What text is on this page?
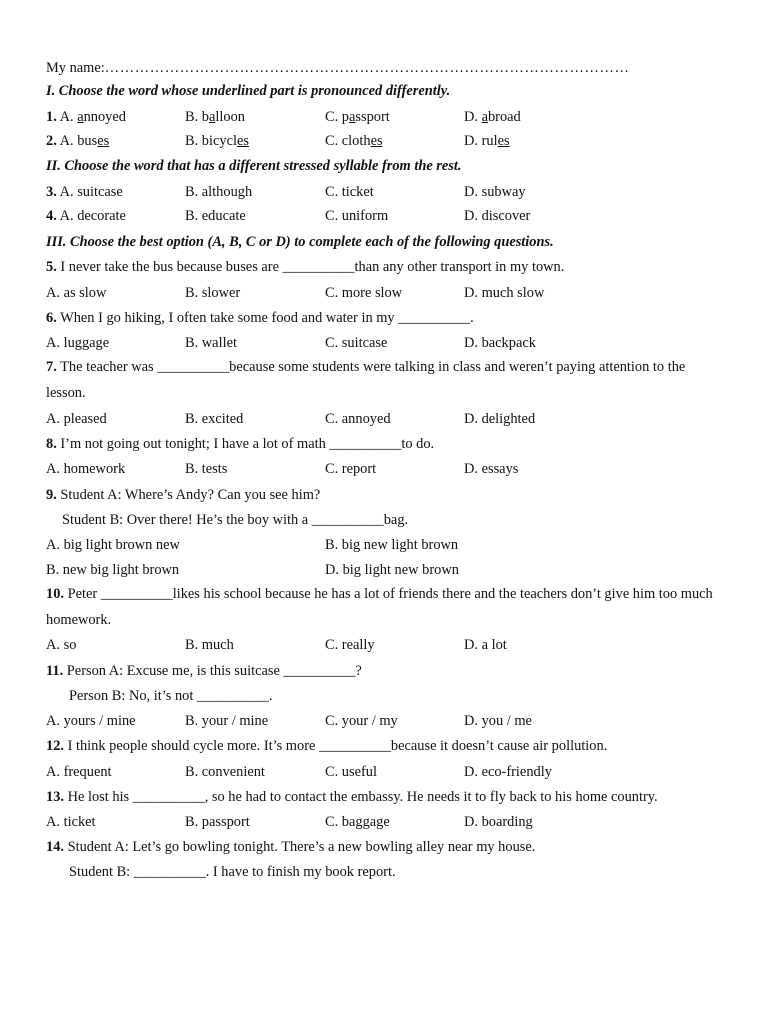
My name:……………………………………………………………………………………………
I. Choose the word whose underlined part is pronounced differently.
1. A. annoyed	B. balloon	C. passport	D. abroad
2. A. buses	B. bicycles	C. clothes	D. rules
II. Choose the word that has a different stressed syllable from the rest.
3. A. suitcase	B. although	C. ticket	D. subway
4. A. decorate	B. educate	C. uniform	D. discover
III. Choose the best option (A, B, C or D) to complete each of the following questions.
5. I never take the bus because buses are __________than any other transport in my town.
A. as slow	B. slower	C. more slow	D. much slow
6. When I go hiking, I often take some food and water in my __________.
A. luggage	B. wallet	C. suitcase	D. backpack
7. The teacher was __________because some students were talking in class and weren’t paying attention to the lesson.
A. pleased	B. excited	C. annoyed	D. delighted
8. I’m not going out tonight; I have a lot of math __________to do.
A. homework	B. tests	C. report	D. essays
9. Student A: Where’s Andy? Can you see him?
Student B: Over there! He’s the boy with a __________bag.
A. big light brown new	B. big new light brown
B. new big light brown	D. big light new brown
10. Peter __________likes his school because he has a lot of friends there and the teachers don’t give him too much homework.
A. so	B. much	C. really	D. a lot
11. Person A: Excuse me, is this suitcase __________?
Person B: No, it’s not __________.
A. yours / mine	B. your / mine	C. your / my	D. you / me
12. I think people should cycle more. It’s more __________because it doesn’t cause air pollution.
A. frequent	B. convenient	C. useful	D. eco-friendly
13. He lost his __________, so he had to contact the embassy. He needs it to fly back to his home country.
A. ticket	B. passport	C. baggage	D. boarding
14. Student A: Let’s go bowling tonight. There’s a new bowling alley near my house.
Student B: __________. I have to finish my book report.
